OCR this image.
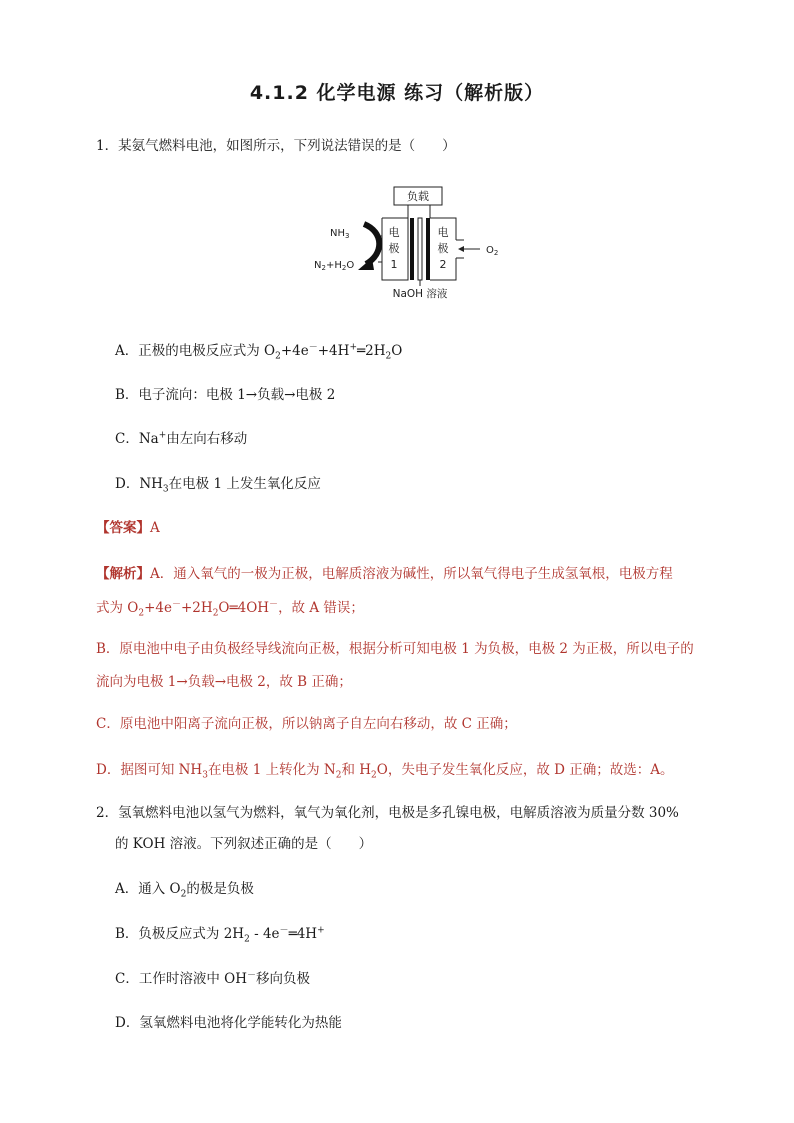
4.1.2 化学电源 练习（解析版）
1．某氨气燃料电池，如图所示，下列说法错误的是（　　）
负载
电
极
1
电
极
2
$O_2$
$NH_3$
$N_2+H_2O$
NaOH 溶液
A．正极的电极反应式为 $O_2+4e^-+4H^+═2H_2O$
B．电子流向：电极 1→负载→电极 2
C．Na+由左向右移动
D．$NH_3$在电极 1 上发生氧化反应
【答案】A
【解析】A．通入氧气的一极为正极，电解质溶液为碱性，所以氧气得电子生成氢氧根，电极方程
式为 $O_2+4e^-+2H_2O═4OH^-$，故 A 错误；
B．原电池中电子由负极经导线流向正极，根据分析可知电极 1 为负极，电极 2 为正极，所以电子的
流向为电极 1→负载→电极 2，故 B 正确；
C．原电池中阳离子流向正极，所以钠离子自左向右移动，故 C 正确；
D．据图可知 $NH_3$在电极 1 上转化为 $N_2$和 $H_2O$，失电子发生氧化反应，故 D 正确；故选：A。
2．氢氧燃料电池以氢气为燃料，氧气为氧化剂，电极是多孔镍电极，电解质溶液为质量分数 30%
的 KOH 溶液。下列叙述正确的是（　　）
A．通入 $O_2$的极是负极
B．负极反应式为 $2H_2$ - 4e－═4H+
C．工作时溶液中 OH－移向负极
D．氢氧燃料电池将化学能转化为热能
